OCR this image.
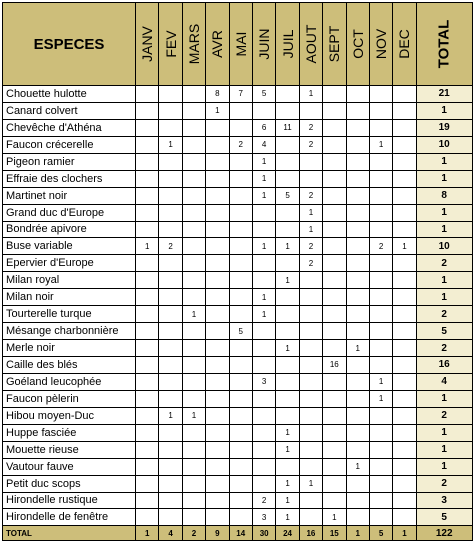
ESPECES	JANV	FEV	MARS	AVR	MAI	JUIN	JUIL	AOUT	SEPT	OCT	NOV	DEC	TOTAL

Chouette hulotte				8	7	5		1					21
Canard colvert				1									1
Chevêche d'Athéna						6	11	2					19
Faucon crécerelle		1			2	4		2			1		10
Pigeon ramier						1							1
Effraie des clochers						1							1
Martinet noir						1	5	2					8
Grand duc d'Europe								1					1
Bondrée apivore								1					1
Buse variable	1	2				1	1	2			2	1	10
Epervier d'Europe								2					2
Milan royal							1						1
Milan noir						1							1
Tourterelle turque			1			1							2
Mésange charbonnière					5								5
Merle noir							1			1			2
Caille des blés									16				16
Goéland leucophée						3					1		4
Faucon pèlerin											1		1
Hibou moyen-Duc		1	1										2
Huppe fasciée							1						1
Mouette rieuse							1						1
Vautour fauve										1			1
Petit duc scops							1	1					2
Hirondelle rustique						2	1						3
Hirondelle de fenêtre						3	1		1				5
TOTAL	1	4	2	9	14	30	24	16	15	1	5	1	122
